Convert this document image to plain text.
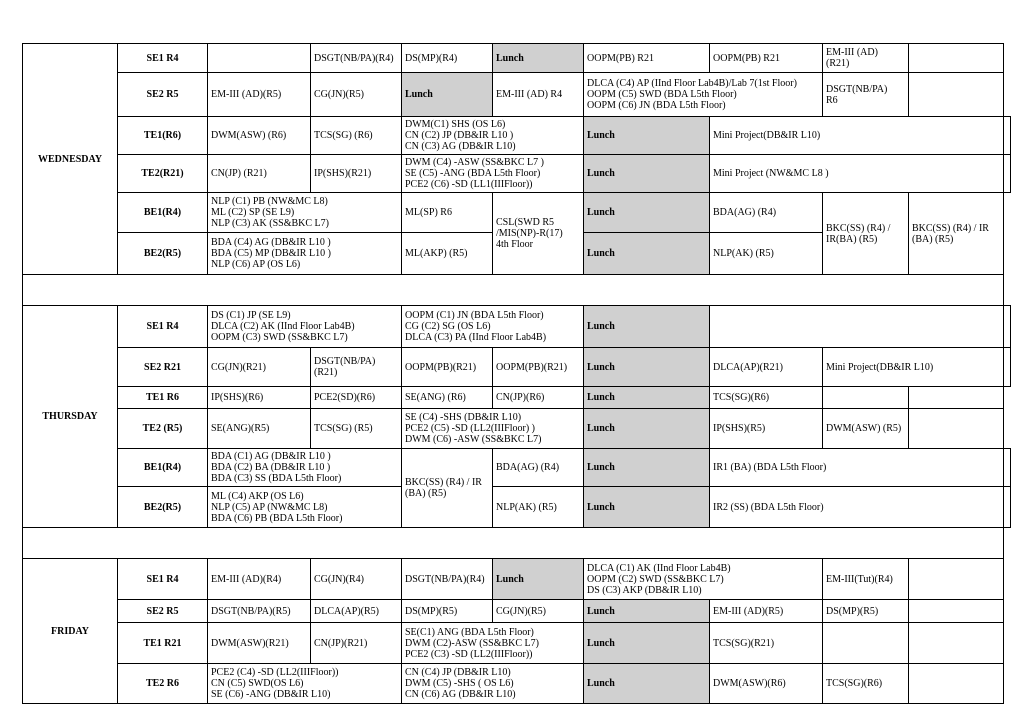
WEDNESDAY	SE1 R4		DSGT(NB/PA)(R4)	DS(MP)(R4)	Lunch	OOPM(PB) R21	OOPM(PB) R21	EM-III (AD)
(R21)		
	SE2 R5	EM-III (AD)(R5)	CG(JN)(R5)	Lunch	EM-III (AD) R4	DLCA (C4) AP (IInd Floor Lab4B)/Lab 7(1st Floor)
OOPM (C5) SWD (BDA L5th Floor)
OOPM (C6) JN (BDA L5th Floor)		DSGT(NB/PA)
R6		
	TE1(R6)	DWM(ASW) (R6)	TCS(SG) (R6)	DWM(C1) SHS (OS L6)
CN (C2) JP (DB&IR L10 )
CN (C3) AG (DB&IR L10)		Lunch	Mini Project(DB&IR L10)			
	TE2(R21)	CN(JP) (R21)	IP(SHS)(R21)	DWM (C4) -ASW (SS&BKC L7 )
SE (C5) -ANG (BDA L5th Floor)
PCE2 (C6) -SD (LL1(IIIFloor))		Lunch	Mini Project (NW&MC L8 )			
	BE1(R4)	NLP (C1) PB (NW&MC L8)
ML (C2) SP (SE L9)
NLP (C3) AK (SS&BKC L7)		ML(SP) R6	CSL(SWD R5
/MIS(NP)-R(17)
4th Floor	Lunch	BDA(AG) (R4)	BKC(SS) (R4) /
IR(BA) (R5)	BKC(SS) (R4) / IR
(BA) (R5)	
	BE2(R5)	BDA (C4) AG (DB&IR L10 )
BDA (C5) MP (DB&IR L10 )
NLP (C6) AP (OS L6)		ML(AKP) (R5)		Lunch	NLP(AK) (R5)			

THURSDAY	SE1 R4	DS (C1) JP (SE L9)
DLCA (C2) AK (IInd Floor Lab4B)
OOPM (C3) SWD (SS&BKC L7)		OOPM (C1) JN (BDA L5th Floor)
CG (C2) SG (OS L6)
DLCA (C3) PA (IInd Floor Lab4B)		Lunch				
	SE2 R21	CG(JN)(R21)	DSGT(NB/PA)
(R21)	OOPM(PB)(R21)	OOPM(PB)(R21)	Lunch	DLCA(AP)(R21)	Mini Project(DB&IR L10)		
	TE1 R6	IP(SHS)(R6)	PCE2(SD)(R6)	SE(ANG) (R6)	CN(JP)(R6)	Lunch	TCS(SG)(R6)			
	TE2 (R5)	SE(ANG)(R5)	TCS(SG) (R5)	SE (C4) -SHS (DB&IR L10)
PCE2 (C5) -SD (LL2(IIIFloor) )
DWM (C6) -ASW (SS&BKC L7)		Lunch	IP(SHS)(R5)	DWM(ASW) (R5)		
	BE1(R4)	BDA (C1) AG (DB&IR L10 )
BDA (C2) BA (DB&IR L10 )
BDA (C3) SS (BDA L5th Floor)		BKC(SS) (R4) / IR
(BA) (R5)	BDA(AG) (R4)	Lunch	IR1 (BA) (BDA L5th Floor)			
	BE2(R5)	ML (C4) AKP (OS L6)
NLP (C5) AP (NW&MC L8)
BDA (C6) PB (BDA L5th Floor)			NLP(AK) (R5)	Lunch	IR2 (SS) (BDA L5th Floor)			

FRIDAY	SE1 R4	EM-III (AD)(R4)	CG(JN)(R4)	DSGT(NB/PA)(R4)	Lunch	DLCA (C1) AK (IInd Floor Lab4B)
OOPM (C2) SWD (SS&BKC L7)
DS (C3) AKP (DB&IR L10)		EM-III(Tut)(R4)		
	SE2 R5	DSGT(NB/PA)(R5)	DLCA(AP)(R5)	DS(MP)(R5)	CG(JN)(R5)	Lunch	EM-III (AD)(R5)	DS(MP)(R5)		
	TE1 R21	DWM(ASW)(R21)	CN(JP)(R21)	SE(C1) ANG (BDA L5th Floor)
DWM (C2)-ASW (SS&BKC L7)
PCE2 (C3) -SD (LL2(IIIFloor))		Lunch	TCS(SG)(R21)			
	TE2 R6	PCE2 (C4) -SD (LL2(IIIFloor))
CN (C5) SWD(OS L6)
SE (C6) -ANG (DB&IR L10)		CN (C4) JP (DB&IR L10)
DWM (C5) -SHS ( OS L6)
CN (C6) AG (DB&IR L10)		Lunch	DWM(ASW)(R6)	TCS(SG)(R6)		
